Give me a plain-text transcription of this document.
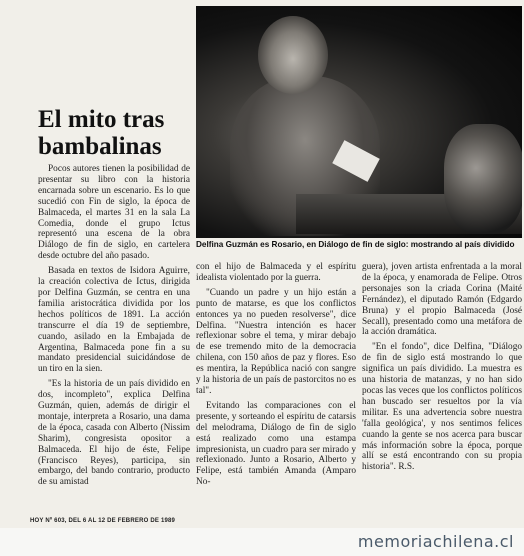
Delfina Guzmán es Rosario, en Diálogo de fin de siglo: mostrando al país dividido
El mito tras bambalinas

Pocos autores tienen la posibilidad de presentar su libro con la historia encarnada sobre un escenario. Es lo que sucedió con Fin de siglo, la época de Balmaceda, el martes 31 en la sala La Comedia, donde el grupo Ictus representó una escena de la obra Diálogo de fin de siglo, en cartelera desde octubre del año pasado.

Basada en textos de Isidora Aguirre, la creación colectiva de Ictus, dirigida por Delfina Guzmán, se centra en una familia aristocrática dividida por los hechos políticos de 1891. La acción transcurre el día 19 de septiembre, cuando, asilado en la Embajada de Argentina, Balmaceda pone fin a su mandato presidencial suicidándose de un tiro en la sien.

"Es la historia de un país dividido en dos, incompleto", explica Delfina Guzmán, quien, además de dirigir el montaje, interpreta a Rosario, una dama de la época, casada con Alberto (Nissim Sharim), congresista opositor a Balmaceda. El hijo de éste, Felipe (Francisco Reyes), participa, sin embargo, del bando contrario, producto de su amistad

con el hijo de Balmaceda y el espíritu idealista violentado por la guerra.

"Cuando un padre y un hijo están a punto de matarse, es que los conflictos entonces ya no pueden resolverse", dice Delfina. "Nuestra intención es hacer reflexionar sobre el tema, y mirar debajo de ese tremendo mito de la democracia chilena, con 150 años de paz y flores. Eso es mentira, la República nació con sangre y la historia de un país de pastorcitos no es tal".

Evitando las comparaciones con el presente, y sorteando el espíritu de catarsis del melodrama, Diálogo de fin de siglo está realizado como una estampa impresionista, un cuadro para ser mirado y reflexionado. Junto a Rosario, Alberto y Felipe, está también Amanda (Amparo No-

guera), joven artista enfrentada a la moral de la época, y enamorada de Felipe. Otros personajes son la criada Corina (Maité Fernández), el diputado Ramón (Edgardo Bruna) y el propio Balmaceda (José Secall), presentado como una metáfora de la acción dramática.

"En el fondo", dice Delfina, "Diálogo de fin de siglo está mostrando lo que significa un país dividido. La muestra es una historia de matanzas, y no han sido pocas las veces que los conflictos políticos han buscado ser resueltos por la vía militar. Es una advertencia sobre nuestra 'falla geológica', y nos sentimos felices cuando la gente se nos acerca para buscar más información sobre la época, porque allí se está encontrando con su propia historia". R.S.

HOY Nº 603, DEL 6 AL 12 DE FEBRERO DE 1989
memoriachilena.cl
